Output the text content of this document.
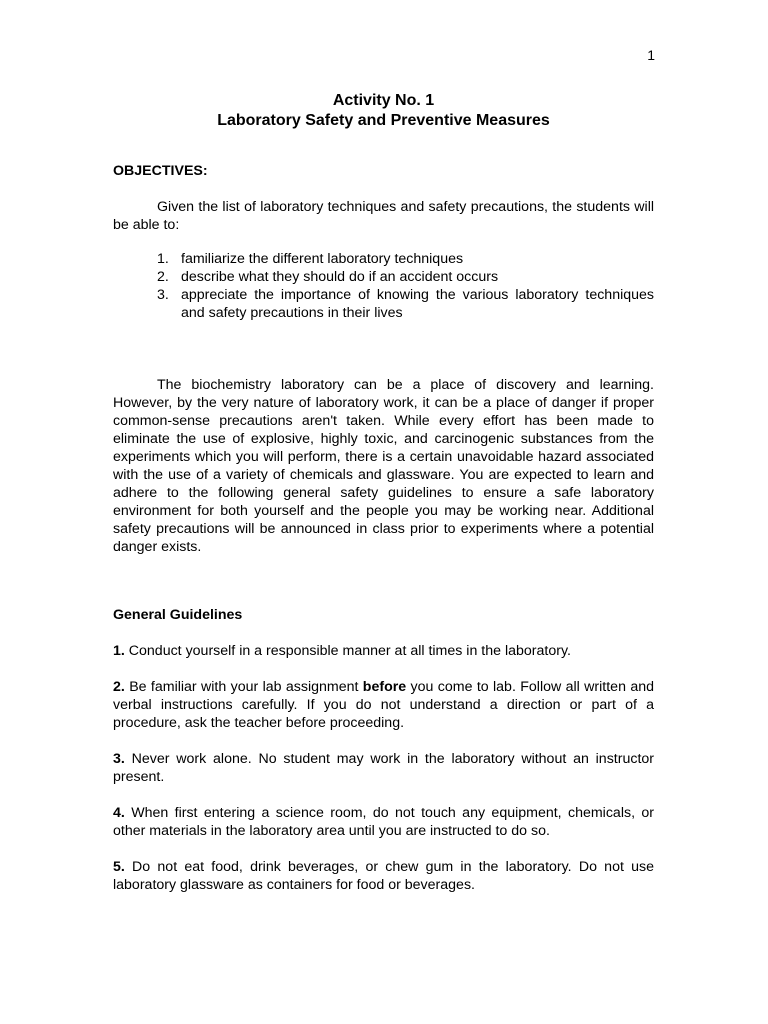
1
Activity No. 1
Laboratory Safety and Preventive Measures

OBJECTIVES:

Given the list of laboratory techniques and safety precautions, the students will be able to:

1. familiarize the different laboratory techniques
2. describe what they should do if an accident occurs
3. appreciate the importance of knowing the various laboratory techniques and safety precautions in their lives

The biochemistry laboratory can be a place of discovery and learning. However, by the very nature of laboratory work, it can be a place of danger if proper common-sense precautions aren't taken. While every effort has been made to eliminate the use of explosive, highly toxic, and carcinogenic substances from the experiments which you will perform, there is a certain unavoidable hazard associated with the use of a variety of chemicals and glassware. You are expected to learn and adhere to the following general safety guidelines to ensure a safe laboratory environment for both yourself and the people you may be working near. Additional safety precautions will be announced in class prior to experiments where a potential danger exists.

General Guidelines

1. Conduct yourself in a responsible manner at all times in the laboratory.

2. Be familiar with your lab assignment before you come to lab. Follow all written and verbal instructions carefully. If you do not understand a direction or part of a procedure, ask the teacher before proceeding.

3. Never work alone. No student may work in the laboratory without an instructor present.

4. When first entering a science room, do not touch any equipment, chemicals, or other materials in the laboratory area until you are instructed to do so.

5. Do not eat food, drink beverages, or chew gum in the laboratory. Do not use laboratory glassware as containers for food or beverages.
